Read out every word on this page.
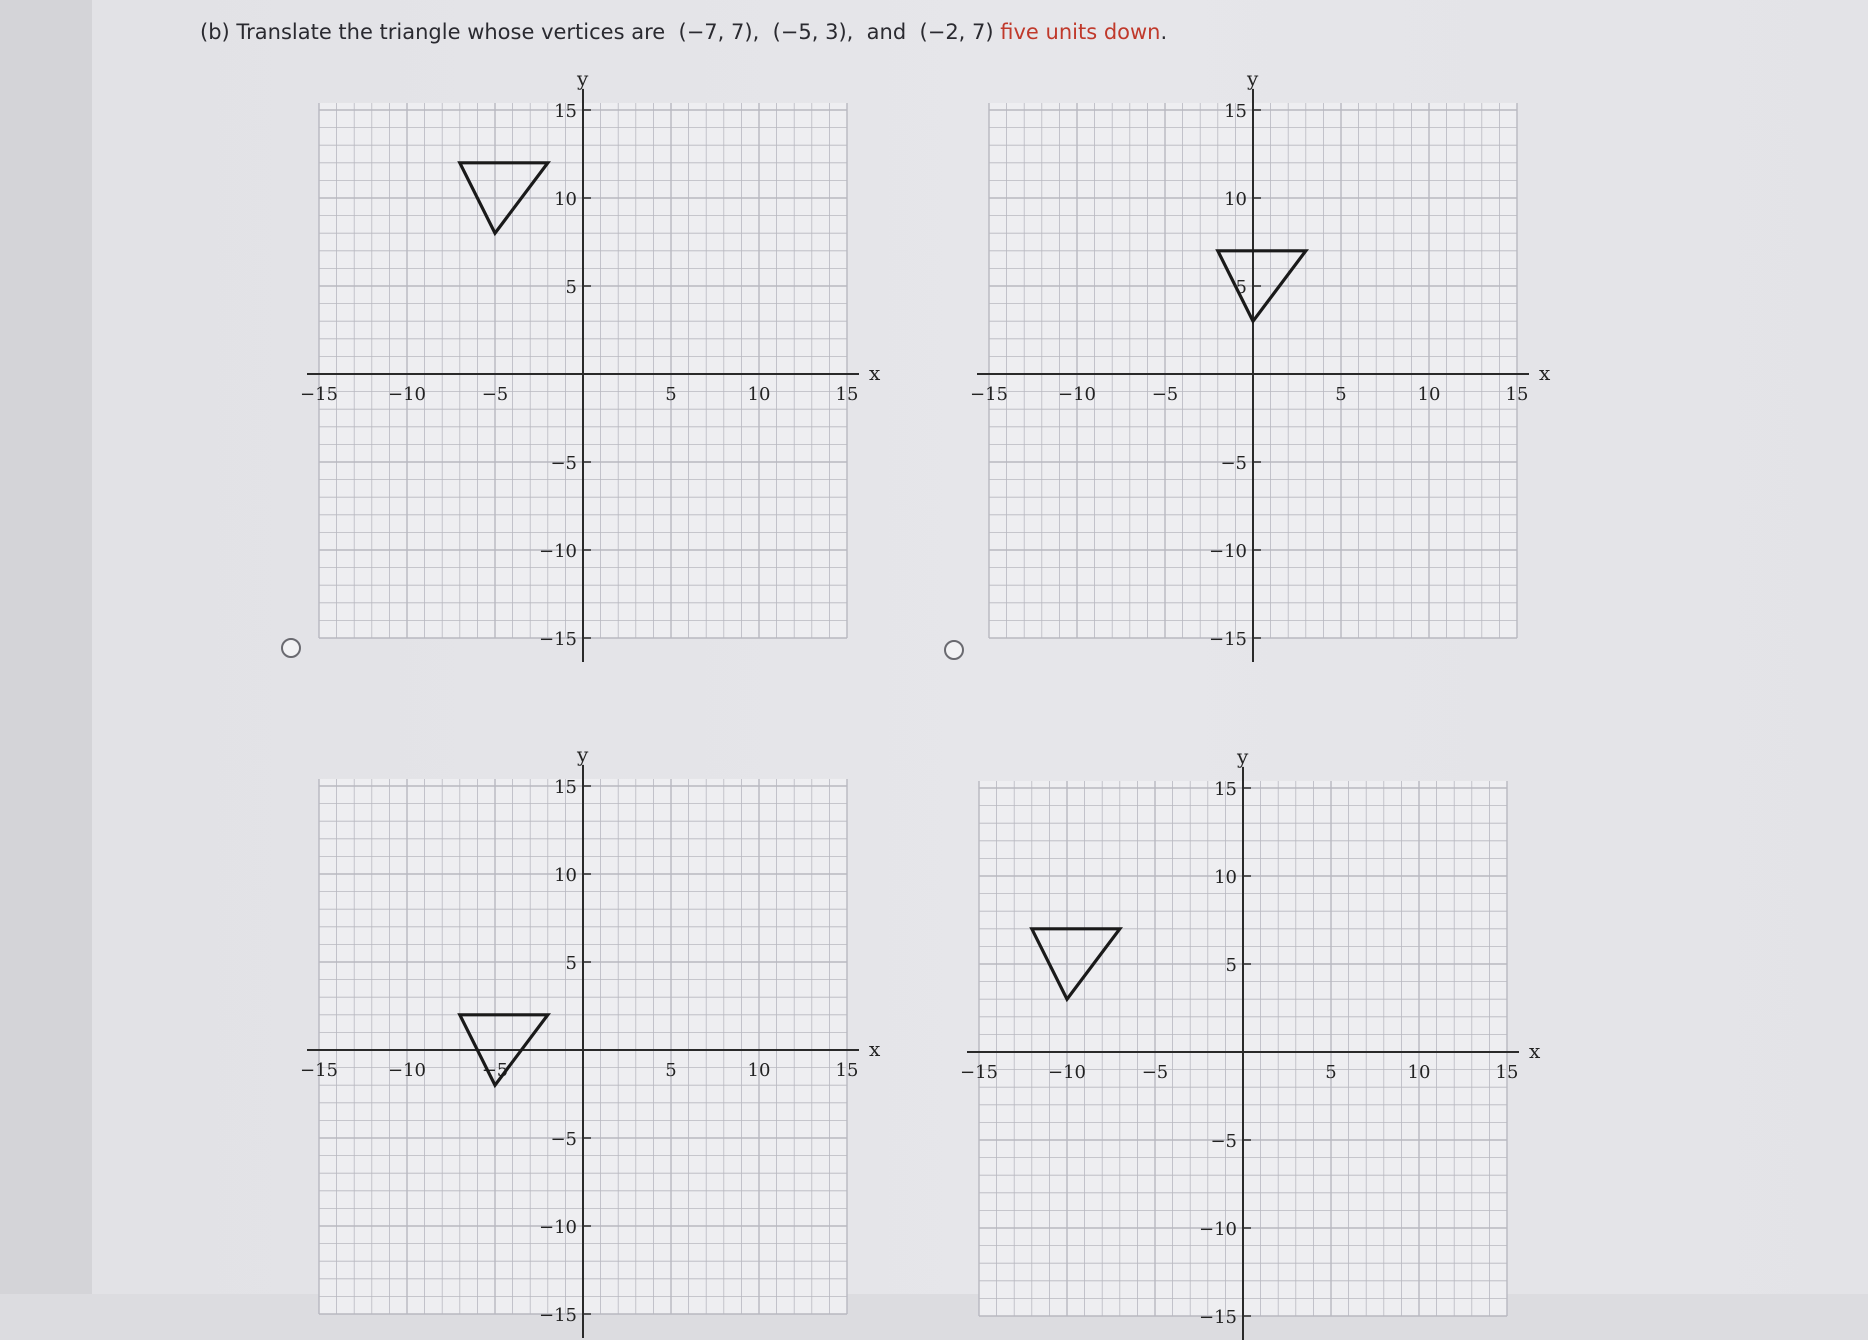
(b) Translate the triangle whose vertices are  (−7, 7),  (−5, 3),  and  (−2, 7) five units down.
x
y
−15	−10	−5	5	10	15
15
10
5
−5
−10
−15
x
y
−15	−10	−5	5	10	15
15
10
5
−5
−10
−15
x
y
−15	−10	−5	5	10	15
15
10
5
−5
−10
−15
x
y
−15	−10	−5	5	10	15
15
10
5
−5
−10
−15
